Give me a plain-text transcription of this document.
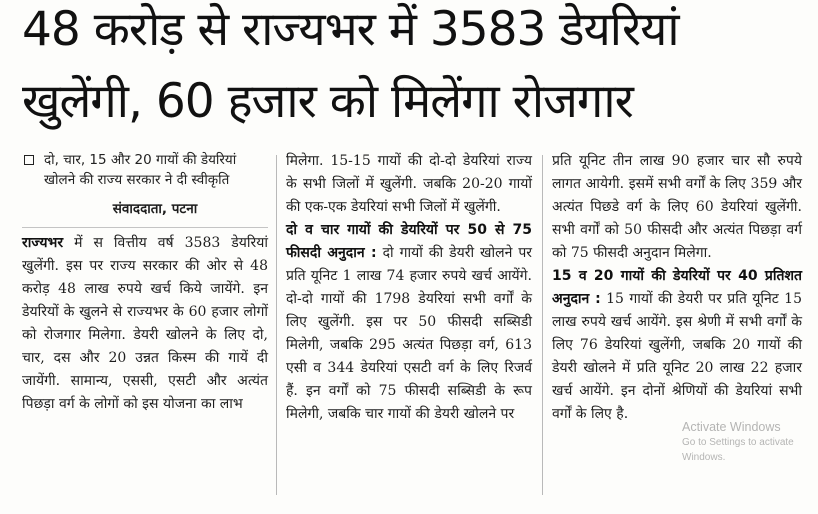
48 करोड़ से राज्यभर में 3583 डेयरियां
खुलेंगी, 60 हजार को मिलेंगा रोजगार
दो, चार, 15 और 20 गायों की डेयरियां खोलने की राज्य सरकार ने दी स्वीकृति
संवाददाता, पटना

राज्यभर में स वित्तीय वर्ष 3583 डेयरियां खुलेंगी. इस पर राज्य सरकार की ओर से 48 करोड़ 48 लाख रुपये खर्च किये जायेंगे. इन डेयरियों के खुलने से राज्यभर के 60 हजार लोगों को रोजगार मिलेगा. डेयरी खोलने के लिए दो, चार, दस और 20 उन्नत किस्म की गायें दी जायेंगी. सामान्य, एससी, एसटी और अत्यंत पिछड़ा वर्ग के लोगों को इस योजना का लाभ

मिलेगा. 15-15 गायों की दो-दो डेयरियां राज्य के सभी जिलों में खुलेंगी. जबकि 20-20 गायों की एक-एक डेयरियां सभी जिलों में खुलेंगी.

दो व चार गायों की डेयरियों पर 50 से 75 फीसदी अनुदान : दो गायों की डेयरी खोलने पर प्रति यूनिट 1 लाख 74 हजार रुपये खर्च आयेंगे. दो-दो गायों की 1798 डेयरियां सभी वर्गों के लिए खुलेंगी. इस पर 50 फीसदी सब्सिडी मिलेगी, जबकि 295 अत्यंत पिछड़ा वर्ग, 613 एसी व 344 डेयरियां एसटी वर्ग के लिए रिजर्व हैं. इन वर्गों को 75 फीसदी सब्सिडी के रूप मिलेगी, जबकि चार गायों की डेयरी खोलने पर

प्रति यूनिट तीन लाख 90 हजार चार सौ रुपये लागत आयेगी. इसमें सभी वर्गों के लिए 359 और अत्यंत पिछडे वर्ग के लिए 60 डेयरियां खुलेंगी. सभी वर्गों को 50 फीसदी और अत्यंत पिछड़ा वर्ग को 75 फीसदी अनुदान मिलेगा.

15 व 20 गायों की डेयरियों पर 40 प्रतिशत अनुदान : 15 गायों की डेयरी पर प्रति यूनिट 15 लाख रुपये खर्च आयेंगे. इस श्रेणी में सभी वर्गों के लिए 76 डेयरियां खुलेंगी, जबकि 20 गायों की डेयरी खोलने में प्रति यूनिट 20 लाख 22 हजार खर्च आयेंगे. इन दोनों श्रेणियों की डेयरियां सभी वर्गों के लिए है.

Activate Windows
Go to Settings to activate Windows.
